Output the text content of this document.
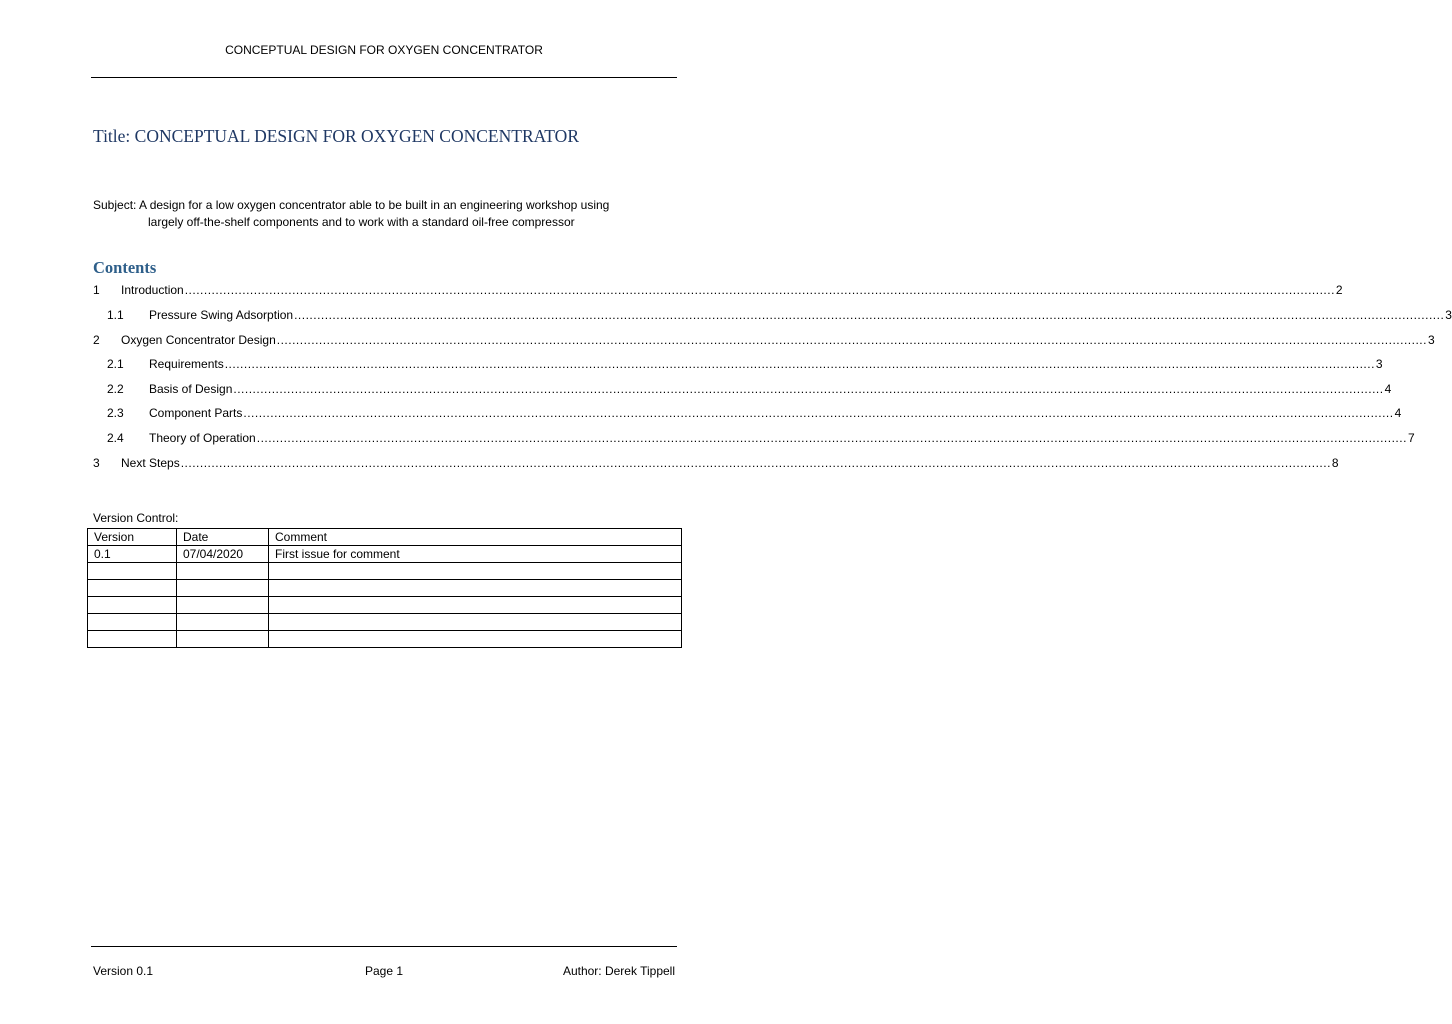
CONCEPTUAL DESIGN FOR OXYGEN CONCENTRATOR
Title: CONCEPTUAL DESIGN FOR OXYGEN CONCENTRATOR
Subject: A design for a low oxygen concentrator able to be built in an engineering workshop using
largely off-the-shelf components and to work with a standard oil-free compressor
Contents
1 Introduction ............................................................................................................................................................................................................................................................................................................ 2
1.1 Pressure Swing Adsorption ............................................................................................................................................................................................................................................................................................................ 3
2 Oxygen Concentrator Design ............................................................................................................................................................................................................................................................................................................ 3
2.1 Requirements ............................................................................................................................................................................................................................................................................................................ 3
2.2 Basis of Design ............................................................................................................................................................................................................................................................................................................ 4
2.3 Component Parts ............................................................................................................................................................................................................................................................................................................ 4
2.4 Theory of Operation ............................................................................................................................................................................................................................................................................................................ 7
3 Next Steps ............................................................................................................................................................................................................................................................................................................ 8
Version Control:
Version	Date	Comment
0.1	07/04/2020	First issue for comment

Version 0.1	Page 1	Author: Derek Tippell
